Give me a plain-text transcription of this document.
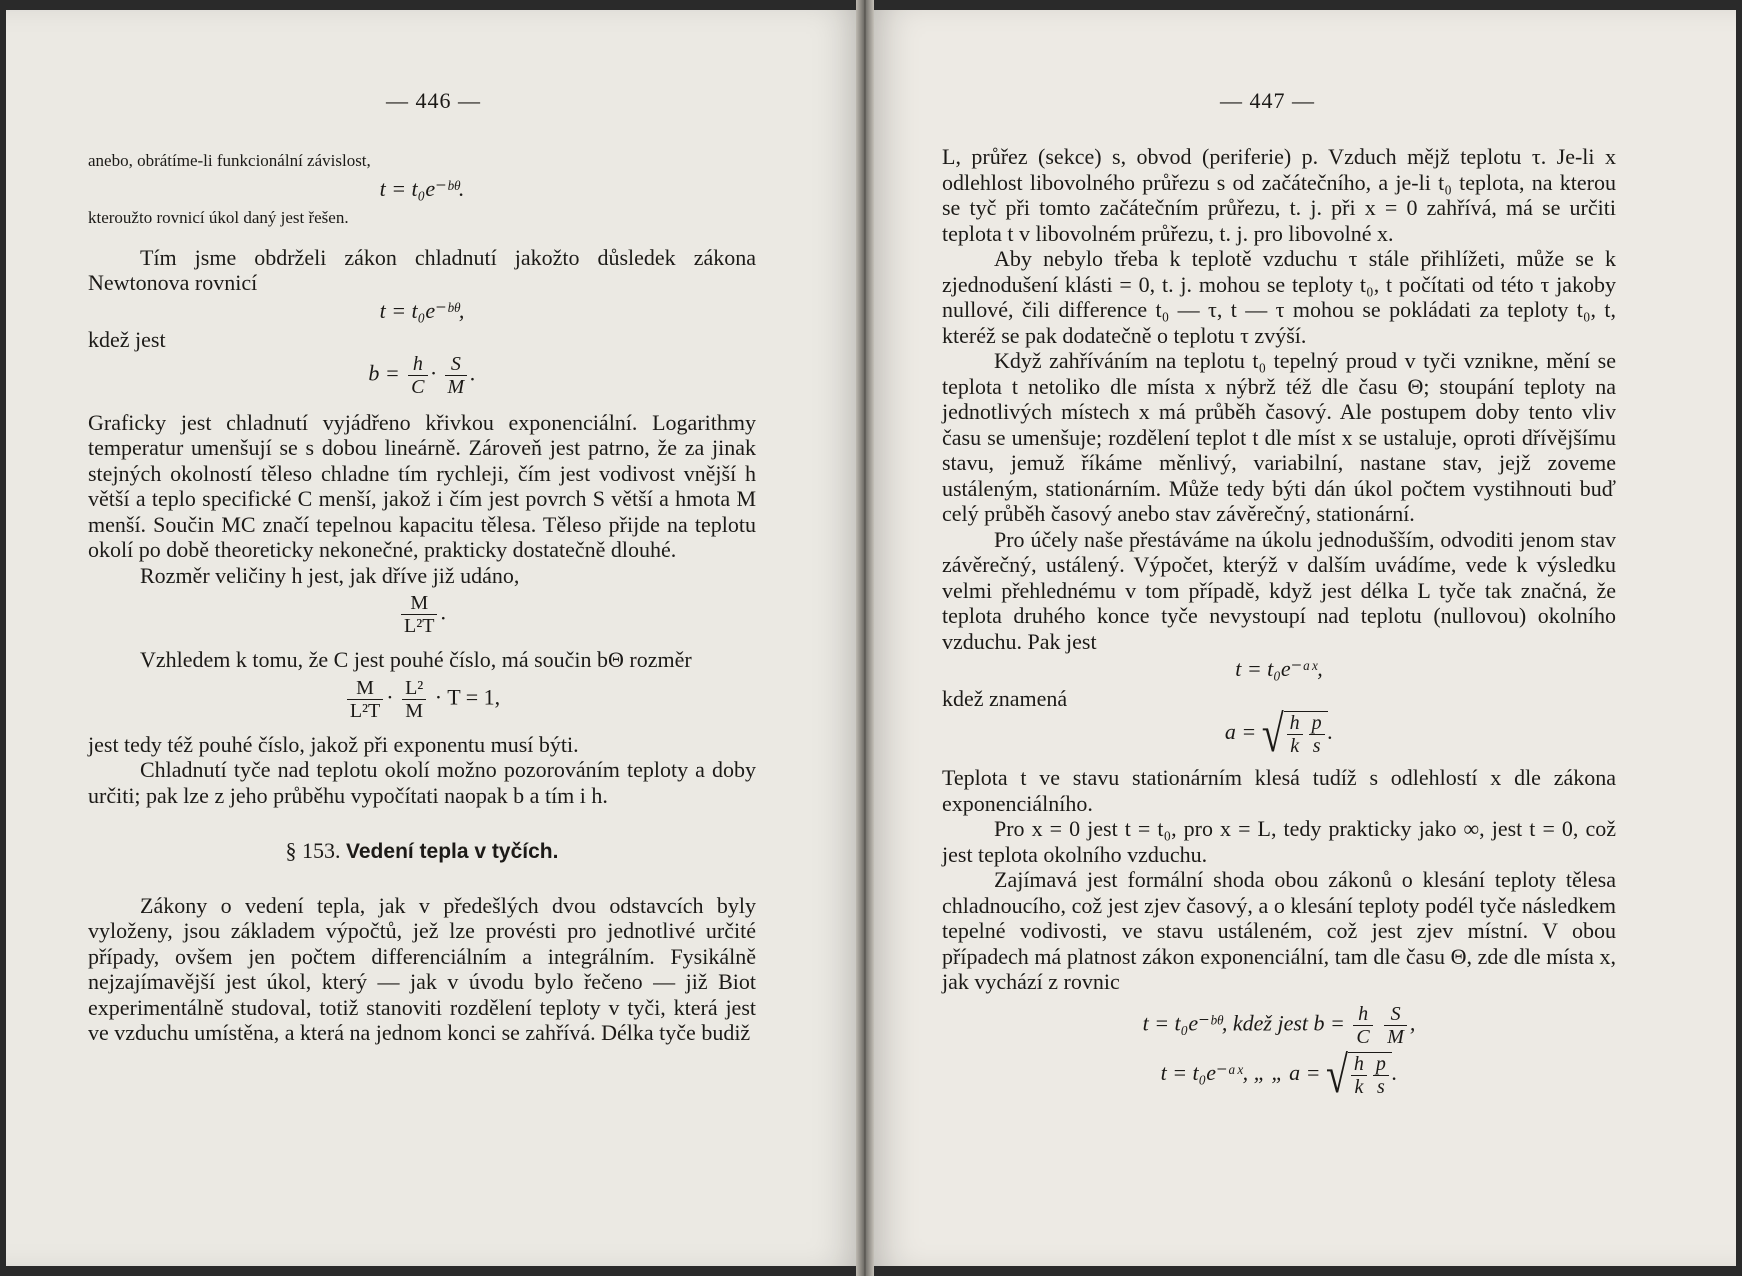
— 446 —

anebo, obrátíme-li funkcionální závislost,

t = t₀e⁻ᵇᶿ.

kteroužto rovnicí úkol daný jest řešen.

Tím jsme obdrželi zákon chladnutí jakožto důsledek zákona Newtonova rovnicí

t = t₀e⁻ᵇᶿ,

kdež jest

$b = \frac{h}{C} \cdot \frac{S}{M}$ .

Graficky jest chladnutí vyjádřeno křivkou exponenciální. Logarithmy temperatur umenšují se s dobou lineárně. Zároveň jest patrno, že za jinak stejných okolností těleso chladne tím rychleji, čím jest vodivost vnější h větší a teplo specifické C menší, jakož i čím jest povrch S větší a hmota M menší. Součin MC značí tepelnou kapacitu tělesa. Těleso přijde na teplotu okolí po době theoreticky nekonečné, prakticky dostatečně dlouhé.

Rozměr veličiny h jest, jak dříve již udáno,

$\frac{M}{\text{L²T}}$ .

Vzhledem k tomu, že C jest pouhé číslo, má součin bΘ rozměr

$\frac{M}{\text{L²T}} \cdot \frac{\text{L²}}{M} \cdot T = 1$,

jest tedy též pouhé číslo, jakož při exponentu musí býti.

Chladnutí tyče nad teplotu okolí možno pozorováním teploty a doby určiti; pak lze z jeho průběhu vypočítati naopak b a tím i h.

§ 153. Vedení tepla v tyčích.

Zákony o vedení tepla, jak v předešlých dvou odstavcích byly vyloženy, jsou základem výpočtů, jež lze provésti pro jednotlivé určité případy, ovšem jen počtem differenciálním a integrálním. Fysikálně nejzajímavější jest úkol, který — jak v úvodu bylo řečeno — již Biot experimentálně studoval, totiž stanoviti rozdělení teploty v tyči, která jest ve vzduchu umístěna, a která na jednom konci se zahřívá. Délka tyče budiž

— 447 —

L, průřez (sekce) s, obvod (periferie) p. Vzduch mějž teplotu τ. Je-li x odlehlost libovolného průřezu s od začátečního, a je-li t₀ teplota, na kterou se tyč při tomto začátečním průřezu, t. j. při x = 0 zahřívá, má se určiti teplota t v libovolném průřezu, t. j. pro libovolné x.

Aby nebylo třeba k teplotě vzduchu τ stále přihlížeti, může se k zjednodušení klásti = 0, t. j. mohou se teploty t₀, t počítati od této τ jakoby nullové, čili difference t₀ — τ, t — τ mohou se pokládati za teploty t₀, t, kteréž se pak dodatečně o teplotu τ zvýší.

Když zahříváním na teplotu t₀ tepelný proud v tyči vznikne, mění se teplota t netoliko dle místa x nýbrž též dle času Θ; stoupání teploty na jednotlivých místech x má průběh časový. Ale postupem doby tento vliv času se umenšuje; rozdělení teplot t dle míst x se ustaluje, oproti dřívějšímu stavu, jemuž říkáme měnlivý, variabilní, nastane stav, jejž zoveme ustáleným, stationárním. Může tedy býti dán úkol počtem vystihnouti buď celý průběh časový anebo stav závěrečný, stationární.

Pro účely naše přestáváme na úkolu jednodušším, odvoditi jenom stav závěrečný, ustálený. Výpočet, kterýž v dalším uvádíme, vede k výsledku velmi přehlednému v tom případě, když jest délka L tyče tak značná, že teplota druhého konce tyče nevystoupí nad teplotu (nullovou) okolního vzduchu. Pak jest

t = t₀e⁻ᵃˣ,

kdež znamená

a = √ $\frac{h}{k} \frac{p}{s}$ .

Teplota t ve stavu stationárním klesá tudíž s odlehlostí x dle zákona exponenciálního.

Pro x = 0 jest t = t₀, pro x = L, tedy prakticky jako ∞, jest t = 0, což jest teplota okolního vzduchu.

Zajímavá jest formální shoda obou zákonů o klesání teploty tělesa chladnoucího, což jest zjev časový, a o klesání teploty podél tyče následkem tepelné vodivosti, ve stavu ustáleném, což jest zjev místní. V obou případech má platnost zákon exponenciální, tam dle času Θ, zde dle místa x, jak vychází z rovnic

t = t₀e⁻ᵇᶿ, kdež jest $b = \frac{h}{C}$
$\frac{S}{M}$ ,

t = t₀e⁻ᵃˣ, „ „ a = √ $\frac{h}{k} \frac{p}{s}$ .
